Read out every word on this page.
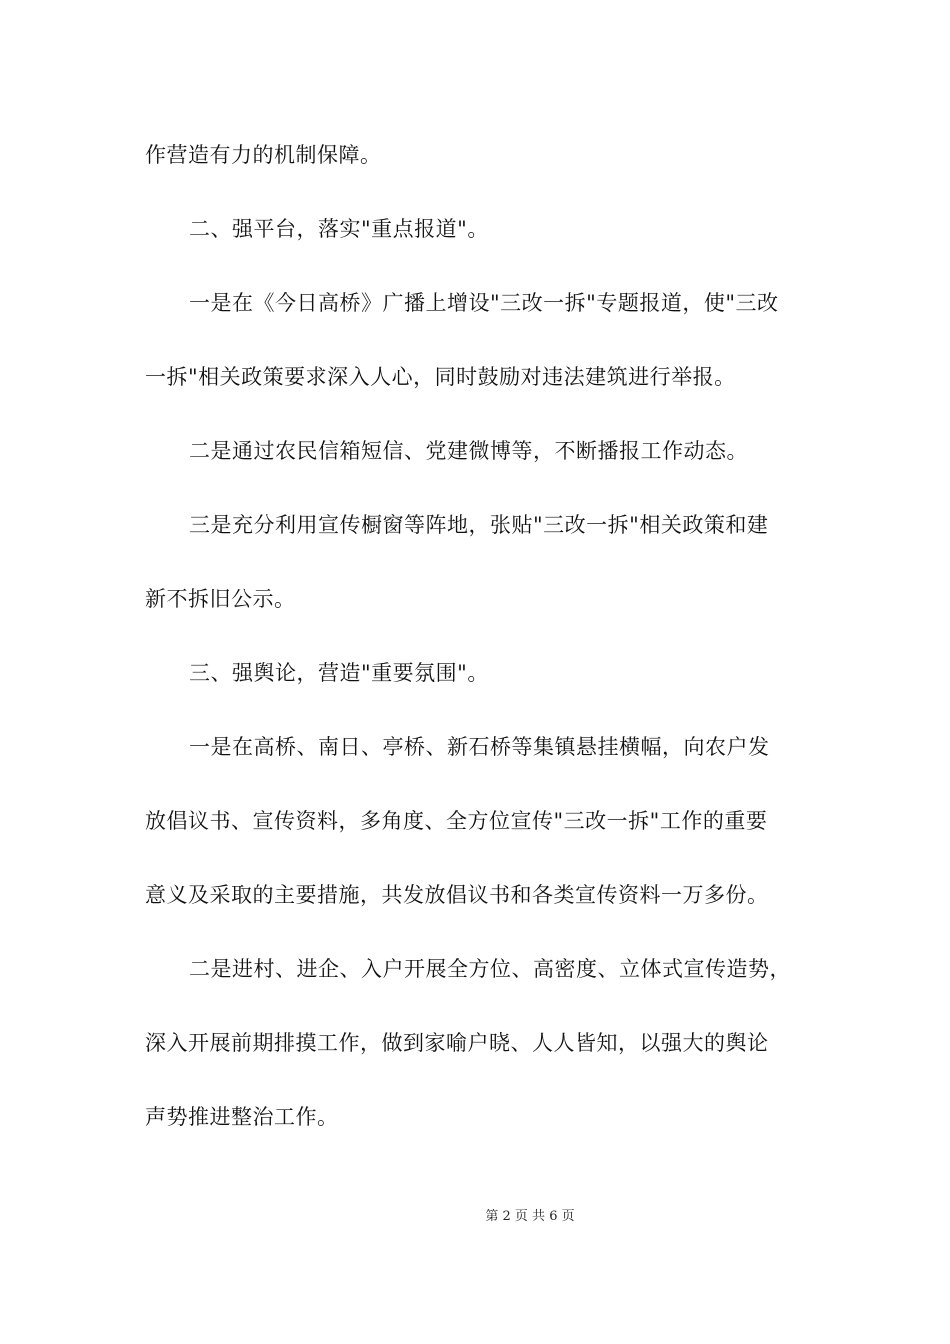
作营造有力的机制保障。
二、强平台，落实"重点报道"。
一是在《今日高桥》广播上增设"三改一拆"专题报道，使"三改
一拆"相关政策要求深入人心，同时鼓励对违法建筑进行举报。
二是通过农民信箱短信、党建微博等，不断播报工作动态。
三是充分利用宣传橱窗等阵地，张贴"三改一拆"相关政策和建
新不拆旧公示。
三、强舆论，营造"重要氛围"。
一是在高桥、南日、亭桥、新石桥等集镇悬挂横幅，向农户发
放倡议书、宣传资料，多角度、全方位宣传"三改一拆"工作的重要
意义及采取的主要措施，共发放倡议书和各类宣传资料一万多份。
二是进村、进企、入户开展全方位、高密度、立体式宣传造势，
深入开展前期排摸工作，做到家喻户晓、人人皆知，以强大的舆论
声势推进整治工作。
第 2 页 共 6 页
